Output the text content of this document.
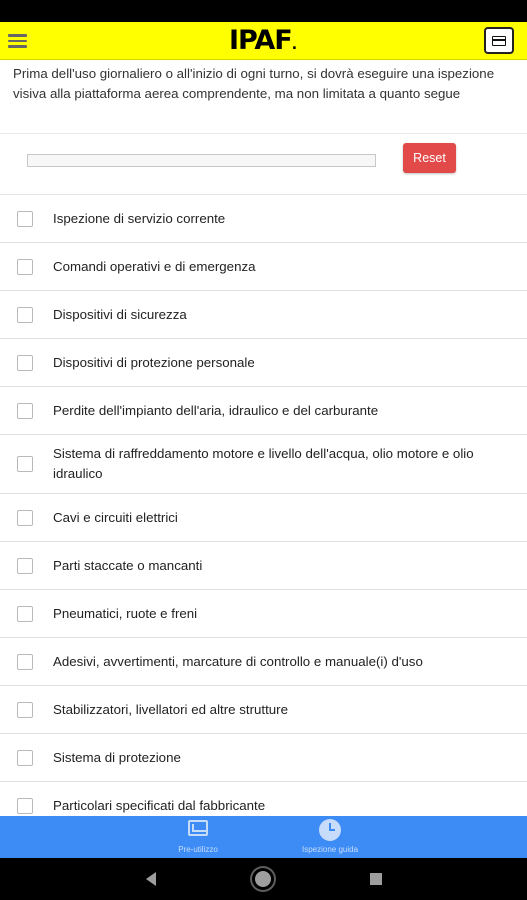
IPAF.

Prima dell'uso giornaliero o all'inizio di ogni turno, si dovrà eseguire una ispezione visiva alla piattaforma aerea comprendente, ma non limitata a quanto segue

Reset
Ispezione di servizio corrente
Comandi operativi e di emergenza
Dispositivi di sicurezza
Dispositivi di protezione personale
Perdite dell'impianto dell'aria, idraulico e del carburante
Sistema di raffreddamento motore e livello dell'acqua, olio motore e olio idraulico
Cavi e circuiti elettrici
Parti staccate o mancanti
Pneumatici, ruote e freni
Adesivi, avvertimenti, marcature di controllo e manuale(i) d'uso
Stabilizzatori, livellatori ed altre strutture
Sistema di protezione
Particolari specificati dal fabbricante
Pre-utilizzo	Ispezione guida
